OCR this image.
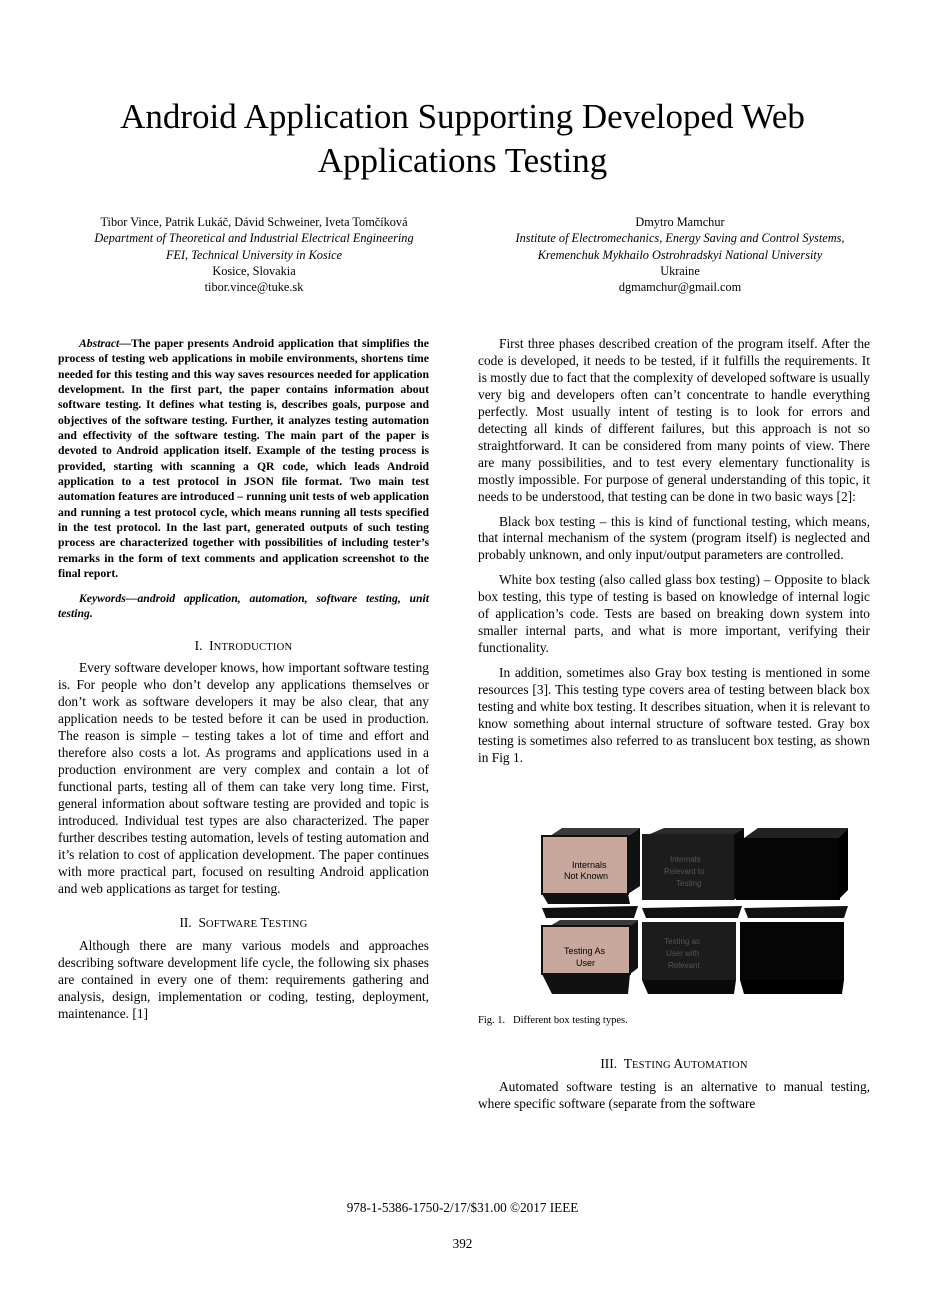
Android Application Supporting Developed Web
Applications Testing
Tibor Vince, Patrik Lukáč, Dávid Schweiner, Iveta Tomčíková
Department of Theoretical and Industrial Electrical Engineering
FEI, Technical University in Kosice
Kosice, Slovakia
tibor.vince@tuke.sk
Dmytro Mamchur
Institute of Electromechanics, Energy Saving and Control Systems,
Kremenchuk Mykhailo Ostrohradskyi National University
Ukraine
dgmamchur@gmail.com

Abstract—The paper presents Android application that simplifies the process of testing web applications in mobile environments, shortens time needed for this testing and this way saves resources needed for application development. In the first part, the paper contains information about software testing. It defines what testing is, describes goals, purpose and objectives of the software testing. Further, it analyzes testing automation and effectivity of the software testing. The main part of the paper is devoted to Android application itself. Example of the testing process is provided, starting with scanning a QR code, which leads Android application to a test protocol in JSON file format. Two main test automation features are introduced – running unit tests of web application and running a test protocol cycle, which means running all tests specified in the test protocol. In the last part, generated outputs of such testing process are characterized together with possibilities of including tester’s remarks in the form of text comments and application screenshot to the final report.

Keywords—android application, automation, software testing, unit testing.

I. INTRODUCTION

Every software developer knows, how important software testing is. For people who don’t develop any applications themselves or don’t work as software developers it may be also clear, that any application needs to be tested before it can be used in production. The reason is simple – testing takes a lot of time and effort and therefore also costs a lot. As programs and applications used in a production environment are very complex and contain a lot of functional parts, testing all of them can take very long time. First, general information about software testing are provided and topic is introduced. Individual test types are also characterized. The paper further describes testing automation, levels of testing automation and it’s relation to cost of application development. The paper continues with more practical part, focused on resulting Android application and web applications as target for testing.

II. SOFTWARE TESTING

Although there are many various models and approaches describing software development life cycle, the following six phases are contained in every one of them: requirements gathering and analysis, design, implementation or coding, testing, deployment, maintenance. [1]

First three phases described creation of the program itself. After the code is developed, it needs to be tested, if it fulfills the requirements. It is mostly due to fact that the complexity of developed software is usually very big and developers often can’t concentrate to handle everything perfectly. Most usually intent of testing is to look for errors and detecting all kinds of different failures, but this approach is not so straightforward. It can be considered from many points of view. There are many possibilities, and to test every elementary functionality is mostly impossible. For purpose of general understanding of this topic, it needs to be understood, that testing can be done in two basic ways [2]:

Black box testing – this is kind of functional testing, which means, that internal mechanism of the system (program itself) is neglected and probably unknown, and only input/output parameters are controlled.

White box testing (also called glass box testing) – Opposite to black box testing, this type of testing is based on knowledge of internal logic of application’s code. Tests are based on breaking down system into smaller internal parts, and what is more important, verifying their functionality.

In addition, sometimes also Gray box testing is mentioned in some resources [3]. This testing type covers area of testing between black box testing and white box testing. It describes situation, when it is relevant to know something about internal structure of software tested. Gray box testing is sometimes also referred to as translucent box testing, as shown in Fig 1.

Internals
Not Known
Internals
Relevant to
Testing
Testing As
User
Testing as
User with
Relevant
Fig. 1. Different box testing types.

III. TESTING AUTOMATION

Automated software testing is an alternative to manual testing, where specific software (separate from the software

978-1-5386-1750-2/17/$31.00 ©2017 IEEE
392
